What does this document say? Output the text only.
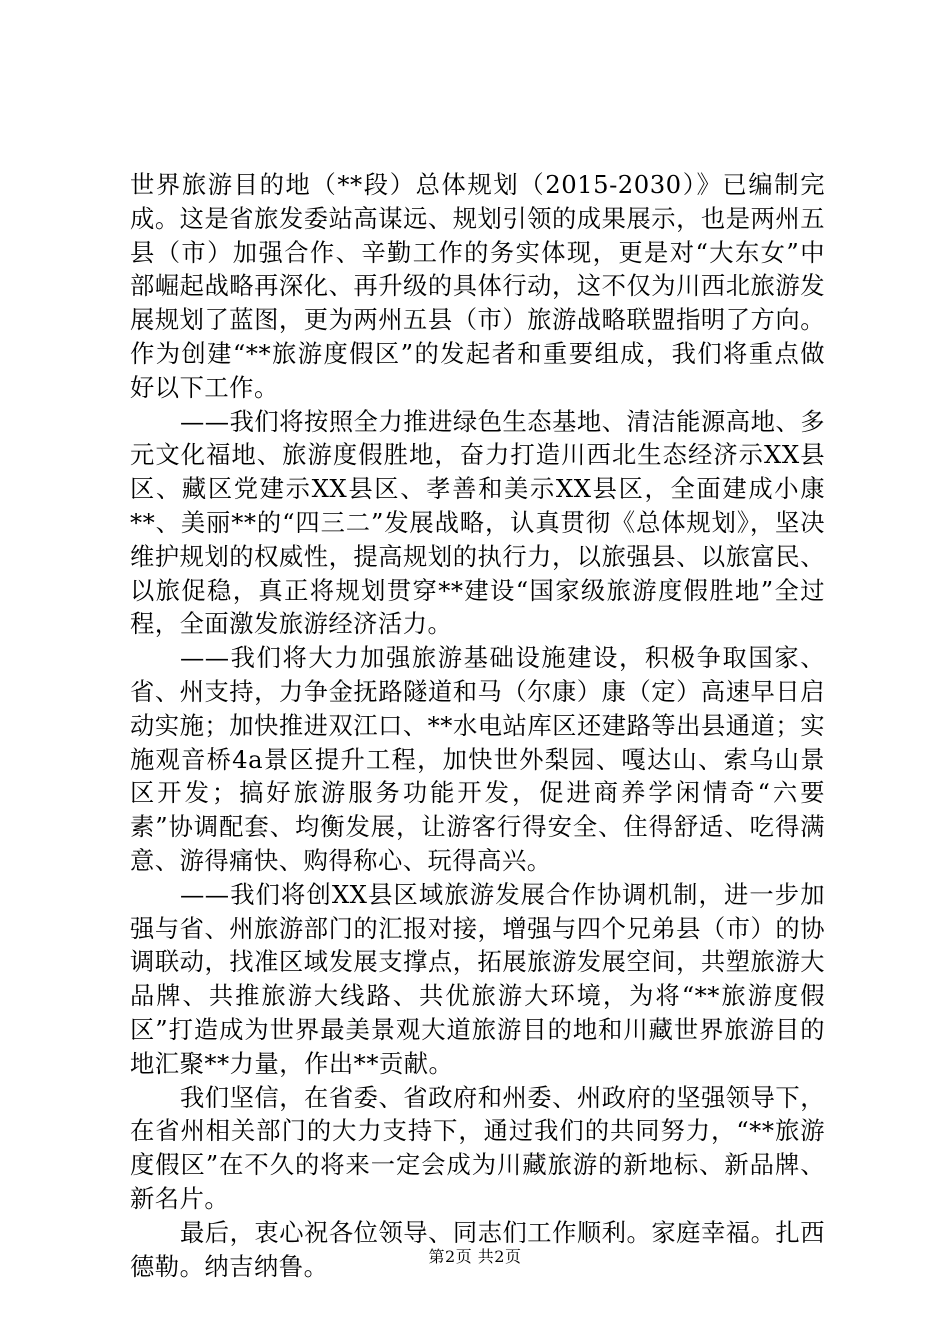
世界旅游目的地（**段）总体规划（2015-2030）》已编制完成。这是省旅发委站高谋远、规划引领的成果展示，也是两州五县（市）加强合作、辛勤工作的务实体现，更是对“大东女”中部崛起战略再深化、再升级的具体行动，这不仅为川西北旅游发展规划了蓝图，更为两州五县（市）旅游战略联盟指明了方向。作为创建“**旅游度假区”的发起者和重要组成，我们将重点做好以下工作。

——我们将按照全力推进绿色生态基地、清洁能源高地、多元文化福地、旅游度假胜地，奋力打造川西北生态经济示XX县区、藏区党建示XX县区、孝善和美示XX县区，全面建成小康**、美丽**的“四三二”发展战略，认真贯彻《总体规划》，坚决维护规划的权威性，提高规划的执行力，以旅强县、以旅富民、以旅促稳，真正将规划贯穿**建设“国家级旅游度假胜地”全过程，全面激发旅游经济活力。

——我们将大力加强旅游基础设施建设，积极争取国家、省、州支持，力争金抚路隧道和马（尔康）康（定）高速早日启动实施；加快推进双江口、**水电站库区还建路等出县通道；实施观音桥4a景区提升工程，加快世外梨园、嘎达山、索乌山景区开发；搞好旅游服务功能开发，促进商养学闲情奇“六要素”协调配套、均衡发展，让游客行得安全、住得舒适、吃得满意、游得痛快、购得称心、玩得高兴。

——我们将创XX县区域旅游发展合作协调机制，进一步加强与省、州旅游部门的汇报对接，增强与四个兄弟县（市）的协调联动，找准区域发展支撑点，拓展旅游发展空间，共塑旅游大品牌、共推旅游大线路、共优旅游大环境，为将“**旅游度假区”打造成为世界最美景观大道旅游目的地和川藏世界旅游目的地汇聚**力量，作出**贡献。

我们坚信，在省委、省政府和州委、州政府的坚强领导下，在省州相关部门的大力支持下，通过我们的共同努力，“**旅游度假区”在不久的将来一定会成为川藏旅游的新地标、新品牌、新名片。

最后，衷心祝各位领导、同志们工作顺利。家庭幸福。扎西德勒。纳吉纳鲁。	第2页 共2页
